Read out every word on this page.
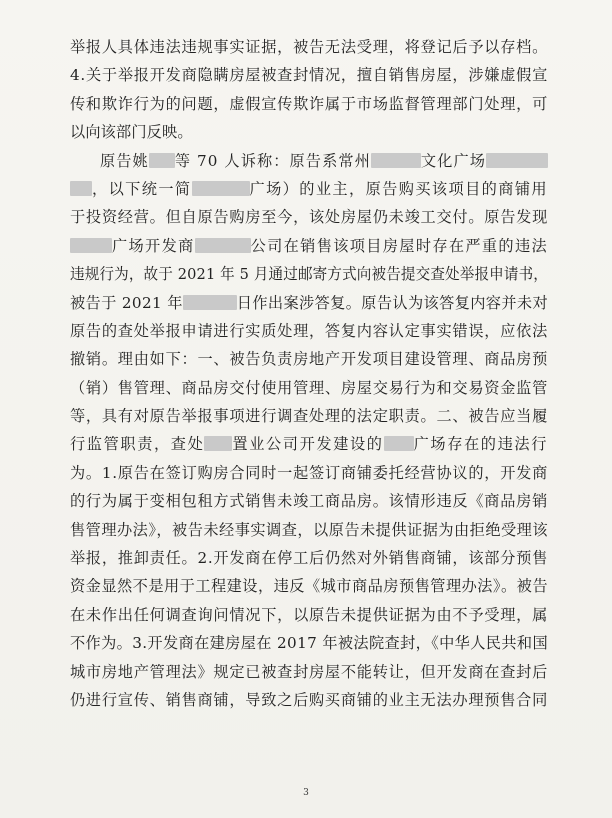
举报人具体违法违规事实证据，被告无法受理，将登记后予以存档。
4.关于举报开发商隐瞒房屋被查封情况，擅自销售房屋，涉嫌虚假宣
传和欺诈行为的问题，虚假宣传欺诈属于市场监督管理部门处理，可
以向该部门反映。
原告姚 等 70 人诉称：原告系常州	文化广场
，以下统一简	广场）的业主，原告购买该项目的商铺用
于投资经营。但自原告购房至今，该处房屋仍未竣工交付。原告发现
广场开发商	公司在销售该项目房屋时存在严重的违法
违规行为，故于 2021 年 5 月通过邮寄方式向被告提交查处举报申请书，
被告于 2021 年	日作出案涉答复。原告认为该答复内容并未对
原告的查处举报申请进行实质处理，答复内容认定事实错误，应依法
撤销。理由如下：一、被告负责房地产开发项目建设管理、商品房预
（销）售管理、商品房交付使用管理、房屋交易行为和交易资金监管
等，具有对原告举报事项进行调查处理的法定职责。二、被告应当履
行监管职责，查处 置业公司开发建设的 广场存在的违法行
为。1.原告在签订购房合同时一起签订商铺委托经营协议的，开发商
的行为属于变相包租方式销售未竣工商品房。该情形违反《商品房销
售管理办法》，被告未经事实调查，以原告未提供证据为由拒绝受理该
举报，推卸责任。2.开发商在停工后仍然对外销售商铺，该部分预售
资金显然不是用于工程建设，违反《城市商品房预售管理办法》。被告
在未作出任何调查询问情况下，以原告未提供证据为由不予受理，属
不作为。3.开发商在建房屋在 2017 年被法院查封，《中华人民共和国
城市房地产管理法》规定已被查封房屋不能转让，但开发商在查封后
仍进行宣传、销售商铺，导致之后购买商铺的业主无法办理预售合同
3
